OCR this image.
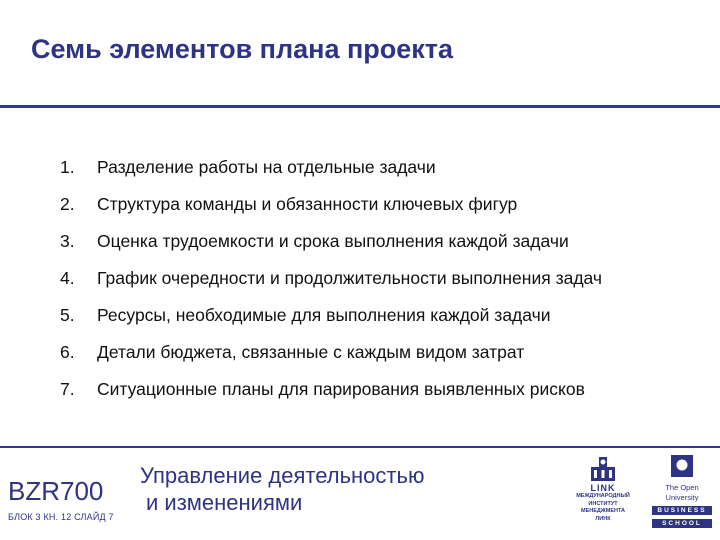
Семь элементов плана проекта
1.	Разделение работы на отдельные задачи
2.	Структура команды и обязанности ключевых фигур
3.	Оценка трудоемкости и срока выполнения каждой задачи
4.	График очередности и продолжительности выполнения задач
5.	Ресурсы, необходимые для выполнения каждой задачи
6.	Детали бюджета, связанные с каждым видом затрат
7.	Ситуационные планы для парирования выявленных рисков
BZR700
БЛОК 3 КН. 12 СЛАЙД 7
Управление деятельностью
и изменениями
LINK
МЕЖДУНАРОДНЫЙ
ИНСТИТУТ
МЕНЕДЖМЕНТА
ЛИНК
The Open
University
BUSINESS
SCHOOL
